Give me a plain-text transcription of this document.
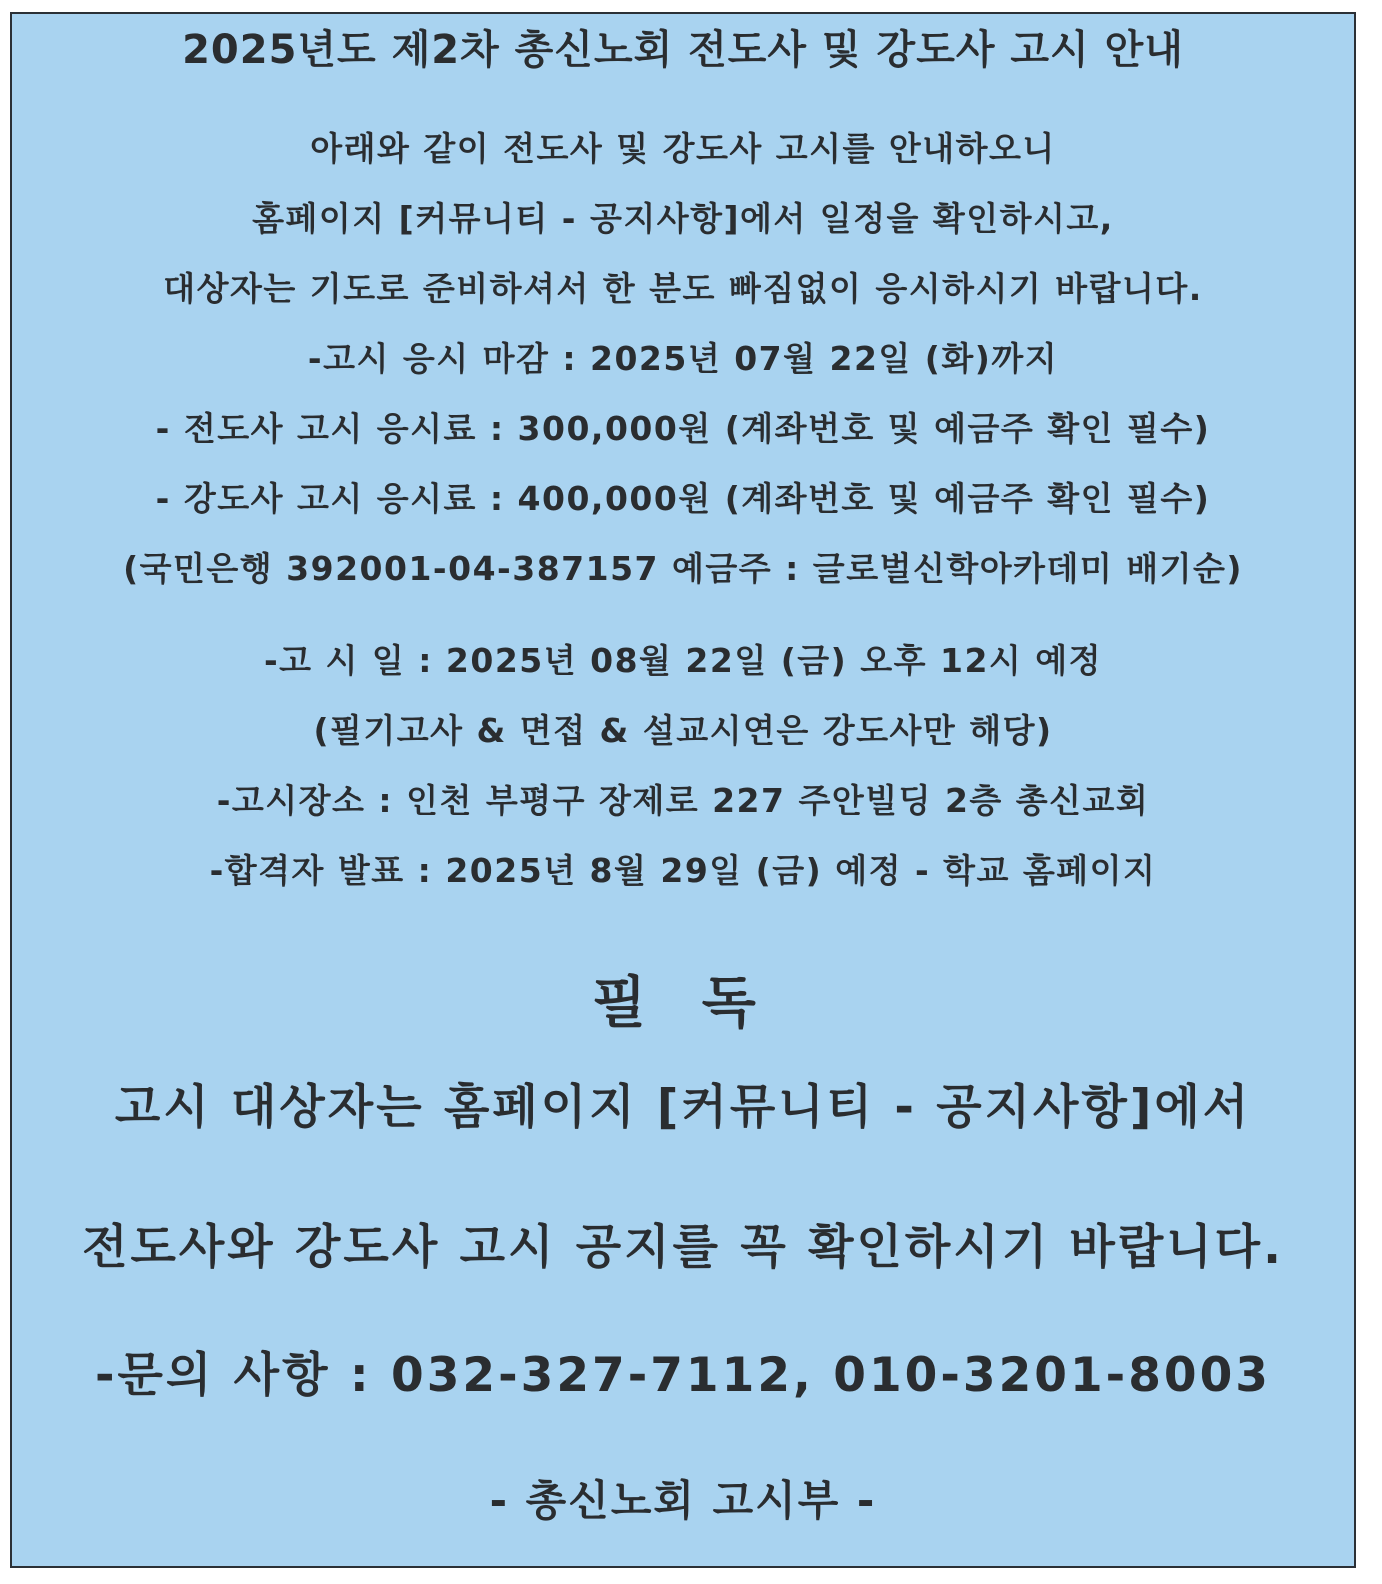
2025년도 제2차 총신노회 전도사 및 강도사 고시 안내
아래와 같이 전도사 및 강도사 고시를 안내하오니
홈페이지 [커뮤니티 - 공지사항]에서 일정을 확인하시고,
대상자는 기도로 준비하셔서 한 분도 빠짐없이 응시하시기 바랍니다.
-고시 응시 마감 : 2025년 07월 22일 (화)까지
- 전도사 고시 응시료 : 300,000원 (계좌번호 및 예금주 확인 필수)
- 강도사 고시 응시료 : 400,000원 (계좌번호 및 예금주 확인 필수)
(국민은행 392001-04-387157 예금주 : 글로벌신학아카데미 배기순)
-고 시 일 : 2025년 08월 22일 (금) 오후 12시 예정
(필기고사 & 면접 & 설교시연은 강도사만 해당)
-고시장소 : 인천 부평구 장제로 227 주안빌딩 2층 총신교회
-합격자 발표 : 2025년 8월 29일 (금) 예정 - 학교 홈페이지
필 독
고시 대상자는 홈페이지 [커뮤니티 - 공지사항]에서
전도사와 강도사 고시 공지를 꼭 확인하시기 바랍니다.
-문의 사항 : 032-327-7112, 010-3201-8003
- 총신노회 고시부 -
